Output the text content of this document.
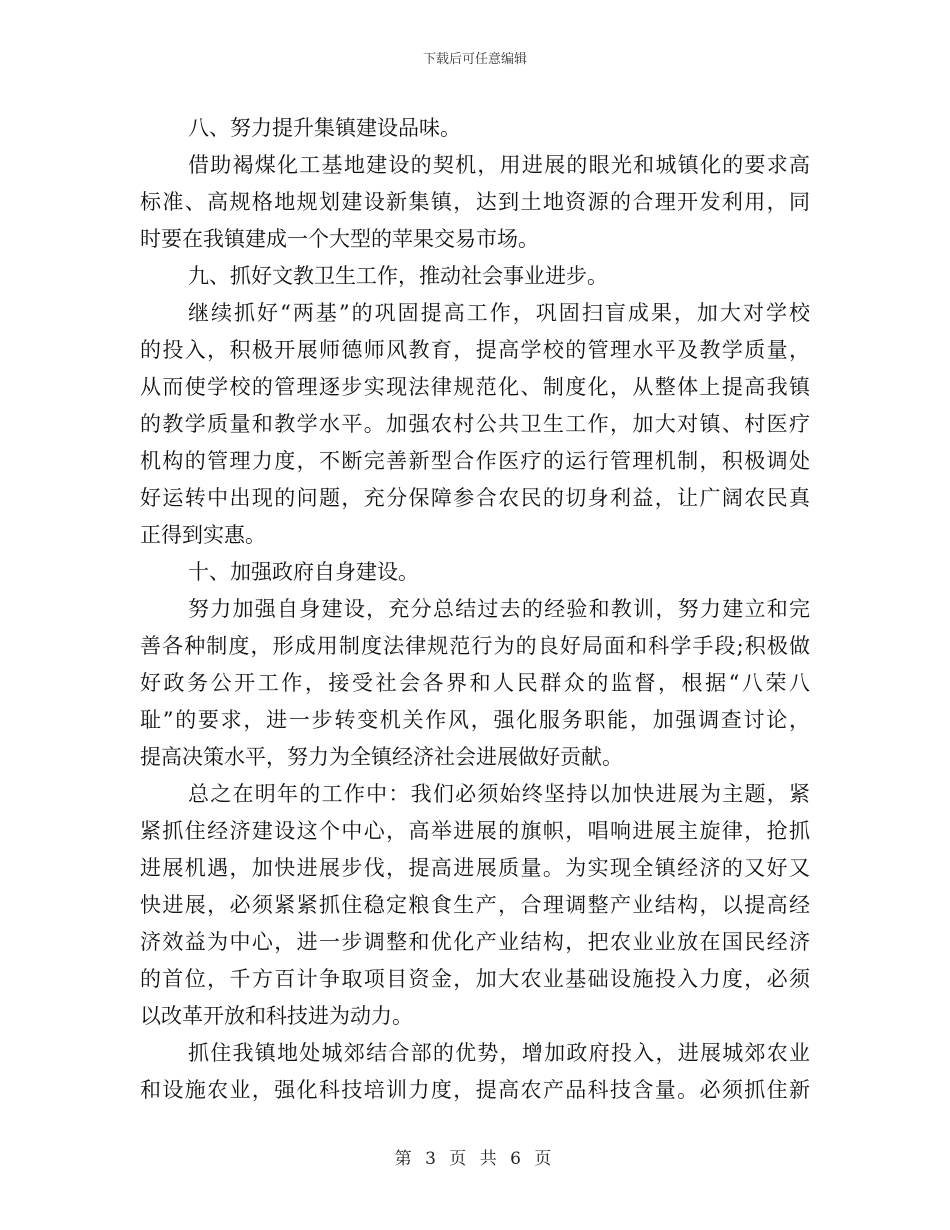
下载后可任意编辑
八、努力提升集镇建设品味。
借助褐煤化工基地建设的契机，用进展的眼光和城镇化的要求高
标准、高规格地规划建设新集镇，达到土地资源的合理开发利用，同
时要在我镇建成一个大型的苹果交易市场。
九、抓好文教卫生工作，推动社会事业进步。
继续抓好“两基”的巩固提高工作，巩固扫盲成果，加大对学校
的投入，积极开展师德师风教育，提高学校的管理水平及教学质量，
从而使学校的管理逐步实现法律规范化、制度化，从整体上提高我镇
的教学质量和教学水平。加强农村公共卫生工作，加大对镇、村医疗
机构的管理力度，不断完善新型合作医疗的运行管理机制，积极调处
好运转中出现的问题，充分保障参合农民的切身利益，让广阔农民真
正得到实惠。
十、加强政府自身建设。
努力加强自身建设，充分总结过去的经验和教训，努力建立和完
善各种制度，形成用制度法律规范行为的良好局面和科学手段;积极做
好政务公开工作，接受社会各界和人民群众的监督，根据“八荣八
耻”的要求，进一步转变机关作风，强化服务职能，加强调查讨论，
提高决策水平，努力为全镇经济社会进展做好贡献。
总之在明年的工作中：我们必须始终坚持以加快进展为主题，紧
紧抓住经济建设这个中心，高举进展的旗帜，唱响进展主旋律，抢抓
进展机遇，加快进展步伐，提高进展质量。为实现全镇经济的又好又
快进展，必须紧紧抓住稳定粮食生产，合理调整产业结构，以提高经
济效益为中心，进一步调整和优化产业结构，把农业业放在国民经济
的首位，千方百计争取项目资金，加大农业基础设施投入力度，必须
以改革开放和科技进为动力。
抓住我镇地处城郊结合部的优势，增加政府投入，进展城郊农业
和设施农业，强化科技培训力度，提高农产品科技含量。必须抓住新
第 3 页 共 6 页
